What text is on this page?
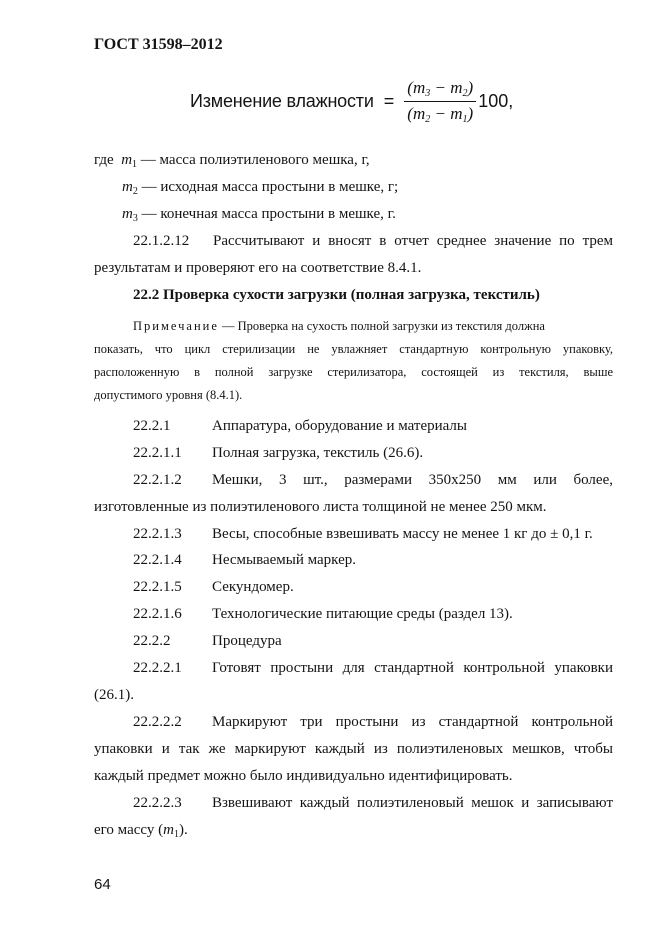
ГОСТ 31598–2012
Изменение влажности = $\frac{(m_3 - m_2)}{(m_2 - m_1)} 100$,
где $m_1$ — масса полиэтиленового мешка, г,
$m_2$ — исходная масса простыни в мешке, г;
$m_3$ — конечная масса простыни в мешке, г.
22.1.2.12 Рассчитывают и вносят в отчет среднее значение по трем
результатам и проверяют его на соответствие 8.4.1.
22.2 Проверка сухости загрузки (полная загрузка, текстиль)
Примечание — Проверка на сухость полной загрузки из текстиля должна
показать, что цикл стерилизации не увлажняет стандартную контрольную упаковку,
расположенную в полной загрузке стерилизатора, состоящей из текстиля, выше
допустимого уровня (8.4.1).
22.2.1	Аппаратура, оборудование и материалы
22.2.1.1 Полная загрузка, текстиль (26.6).
22.2.1.2 Мешки, 3 шт., размерами 350x250 мм или более,
изготовленные из полиэтиленового листа толщиной не менее 250 мкм.
22.2.1.3 Весы, способные взвешивать массу не менее 1 кг до ± 0,1 г.
22.2.1.4 Несмываемый маркер.
22.2.1.5 Секундомер.
22.2.1.6 Технологические питающие среды (раздел 13).
22.2.2	Процедура
22.2.2.1 Готовят простыни для стандартной контрольной упаковки
(26.1).
22.2.2.2 Маркируют три простыни из стандартной контрольной
упаковки и так же маркируют каждый из полиэтиленовых мешков, чтобы
каждый предмет можно было индивидуально идентифицировать.
22.2.2.3 Взвешивают каждый полиэтиленовый мешок и записывают
его массу $(m_1)$.
64
